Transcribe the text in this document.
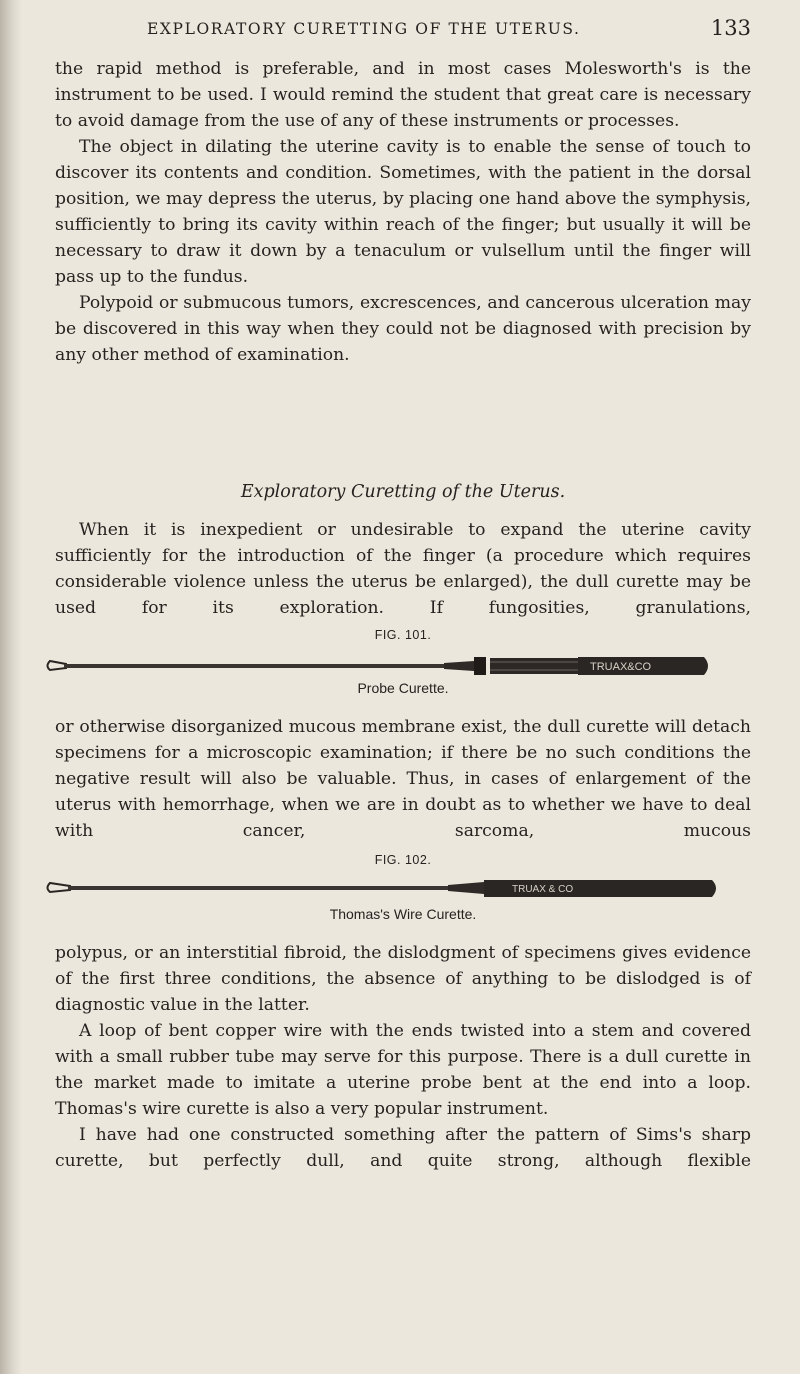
EXPLORATORY CURETTING OF THE UTERUS.	133

the rapid method is preferable, and in most cases Molesworth's is the instrument to be used. I would remind the student that great care is necessary to avoid damage from the use of any of these instruments or processes.

The object in dilating the uterine cavity is to enable the sense of touch to discover its contents and condition. Sometimes, with the patient in the dorsal position, we may depress the uterus, by placing one hand above the symphysis, sufficiently to bring its cavity within reach of the finger; but usually it will be necessary to draw it down by a tenaculum or vulsellum until the finger will pass up to the fundus.

Polypoid or submucous tumors, excrescences, and cancerous ulceration may be discovered in this way when they could not be diagnosed with precision by any other method of examination.

Exploratory Curetting of the Uterus.

When it is inexpedient or undesirable to expand the uterine cavity sufficiently for the introduction of the finger (a procedure which requires considerable violence unless the uterus be enlarged), the dull curette may be used for its exploration. If fungosities, granulations,

FIG. 101.
TRUAX&CO
Probe Curette.

or otherwise disorganized mucous membrane exist, the dull curette will detach specimens for a microscopic examination; if there be no such conditions the negative result will also be valuable. Thus, in cases of enlargement of the uterus with hemorrhage, when we are in doubt as to whether we have to deal with cancer, sarcoma, mucous

FIG. 102.
TRUAX & CO
Thomas's Wire Curette.

polypus, or an interstitial fibroid, the dislodgment of specimens gives evidence of the first three conditions, the absence of anything to be dislodged is of diagnostic value in the latter.

A loop of bent copper wire with the ends twisted into a stem and covered with a small rubber tube may serve for this purpose. There is a dull curette in the market made to imitate a uterine probe bent at the end into a loop. Thomas's wire curette is also a very popular instrument.

I have had one constructed something after the pattern of Sims's sharp curette, but perfectly dull, and quite strong, although flexible
